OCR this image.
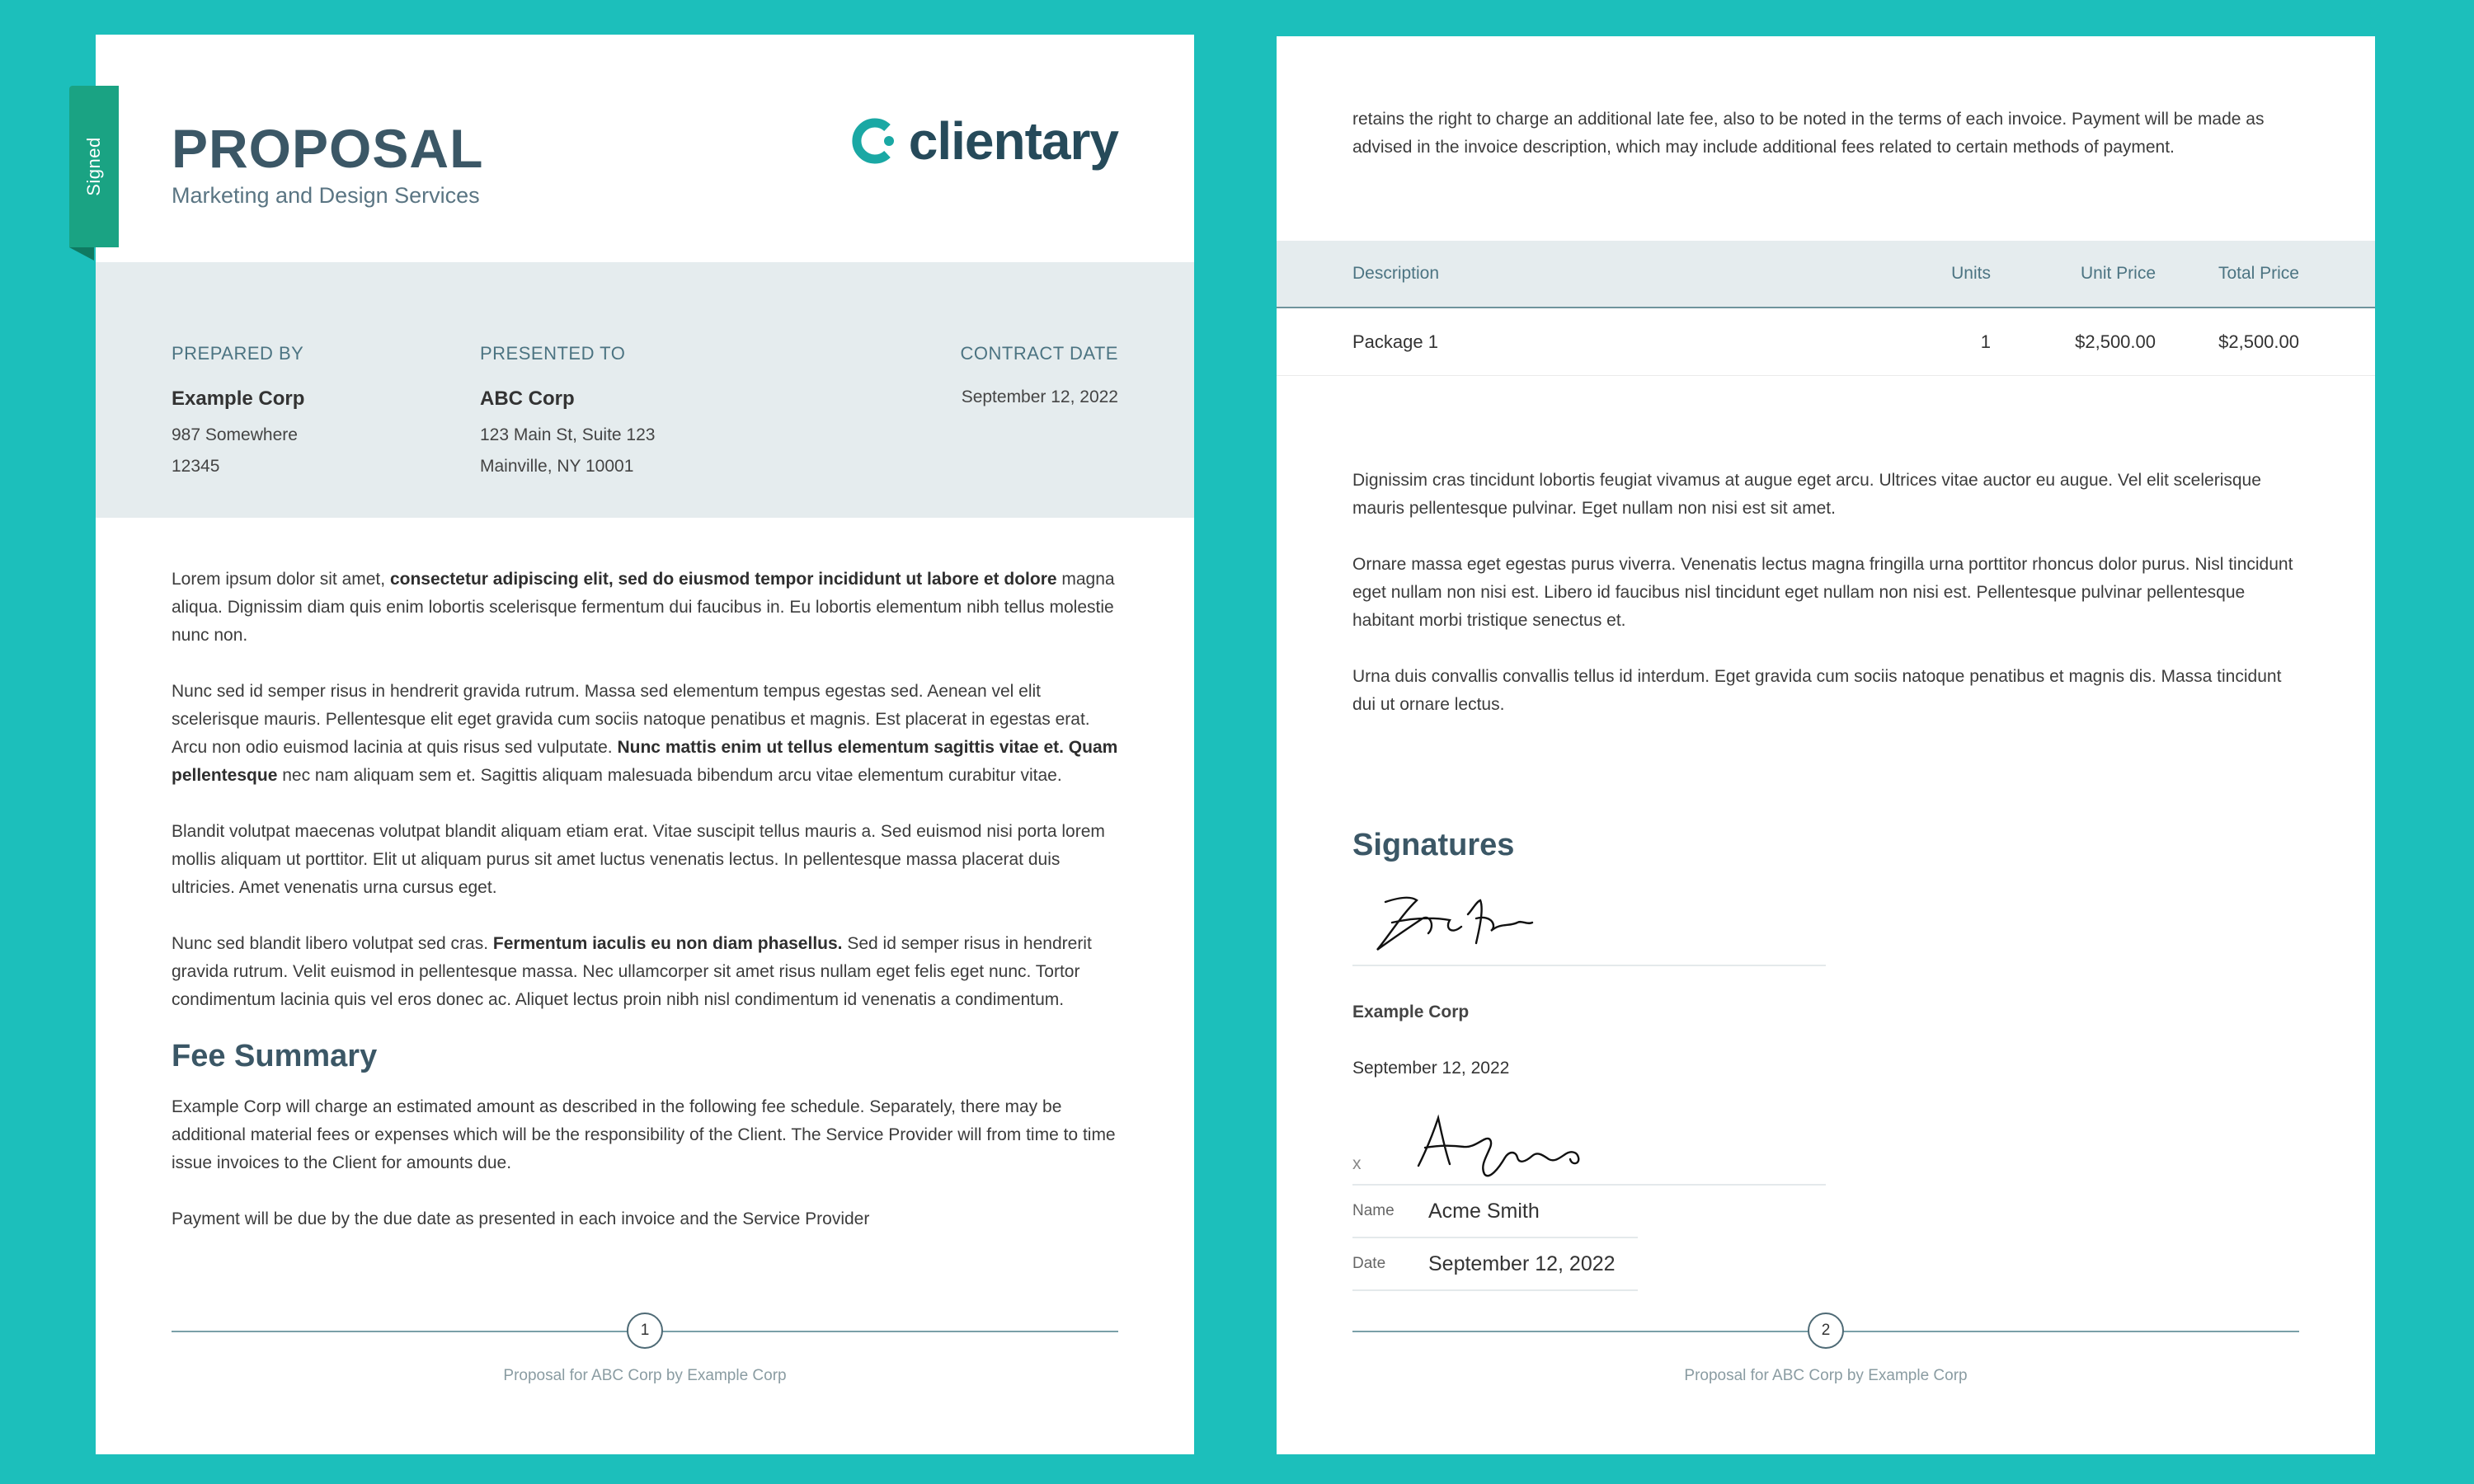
Signed PROPOSAL
Marketing and Design Services
clientary
PREPARED BY
Example Corp
987 Somewhere
12345
PRESENTED TO
ABC Corp
123 Main St, Suite 123
Mainville, NY 10001
CONTRACT DATE
September 12, 2022

Lorem ipsum dolor sit amet, consectetur adipiscing elit, sed do eiusmod tempor incididunt ut labore et dolore magna aliqua. Dignissim diam quis enim lobortis scelerisque fermentum dui faucibus in. Eu lobortis elementum nibh tellus molestie nunc non.

Nunc sed id semper risus in hendrerit gravida rutrum. Massa sed elementum tempus egestas sed. Aenean vel elit scelerisque mauris. Pellentesque elit eget gravida cum sociis natoque penatibus et magnis. Est placerat in egestas erat. Arcu non odio euismod lacinia at quis risus sed vulputate. Nunc mattis enim ut tellus elementum sagittis vitae et. Quam pellentesque nec nam aliquam sem et. Sagittis aliquam malesuada bibendum arcu vitae elementum curabitur vitae.

Blandit volutpat maecenas volutpat blandit aliquam etiam erat. Vitae suscipit tellus mauris a. Sed euismod nisi porta lorem mollis aliquam ut porttitor. Elit ut aliquam purus sit amet luctus venenatis lectus. In pellentesque massa placerat duis ultricies. Amet venenatis urna cursus eget.

Nunc sed blandit libero volutpat sed cras. Fermentum iaculis eu non diam phasellus. Sed id semper risus in hendrerit gravida rutrum. Velit euismod in pellentesque massa. Nec ullamcorper sit amet risus nullam eget felis eget nunc. Tortor condimentum lacinia quis vel eros donec ac. Aliquet lectus proin nibh nisl condimentum id venenatis a condimentum.

Fee Summary

Example Corp will charge an estimated amount as described in the following fee schedule. Separately, there may be additional material fees or expenses which will be the responsibility of the Client. The Service Provider will from time to time issue invoices to the Client for amounts due.

Payment will be due by the due date as presented in each invoice and the Service Provider

1
Proposal for ABC Corp by Example Corp

retains the right to charge an additional late fee, also to be noted in the terms of each invoice. Payment will be made as advised in the invoice description, which may include additional fees related to certain methods of payment.

Description	Units	Unit Price	Total Price
Package 1	1	$2,500.00	$2,500.00

Dignissim cras tincidunt lobortis feugiat vivamus at augue eget arcu. Ultrices vitae auctor eu augue. Vel elit scelerisque mauris pellentesque pulvinar. Eget nullam non nisi est sit amet.

Ornare massa eget egestas purus viverra. Venenatis lectus magna fringilla urna porttitor rhoncus dolor purus. Nisl tincidunt eget nullam non nisi est. Libero id faucibus nisl tincidunt eget nullam non nisi est. Pellentesque pulvinar pellentesque habitant morbi tristique senectus et.

Urna duis convallis convallis tellus id interdum. Eget gravida cum sociis natoque penatibus et magnis dis. Massa tincidunt dui ut ornare lectus.

Signatures
Example Corp
September 12, 2022
x
Name	Acme Smith
Date	September 12, 2022
2
Proposal for ABC Corp by Example Corp
